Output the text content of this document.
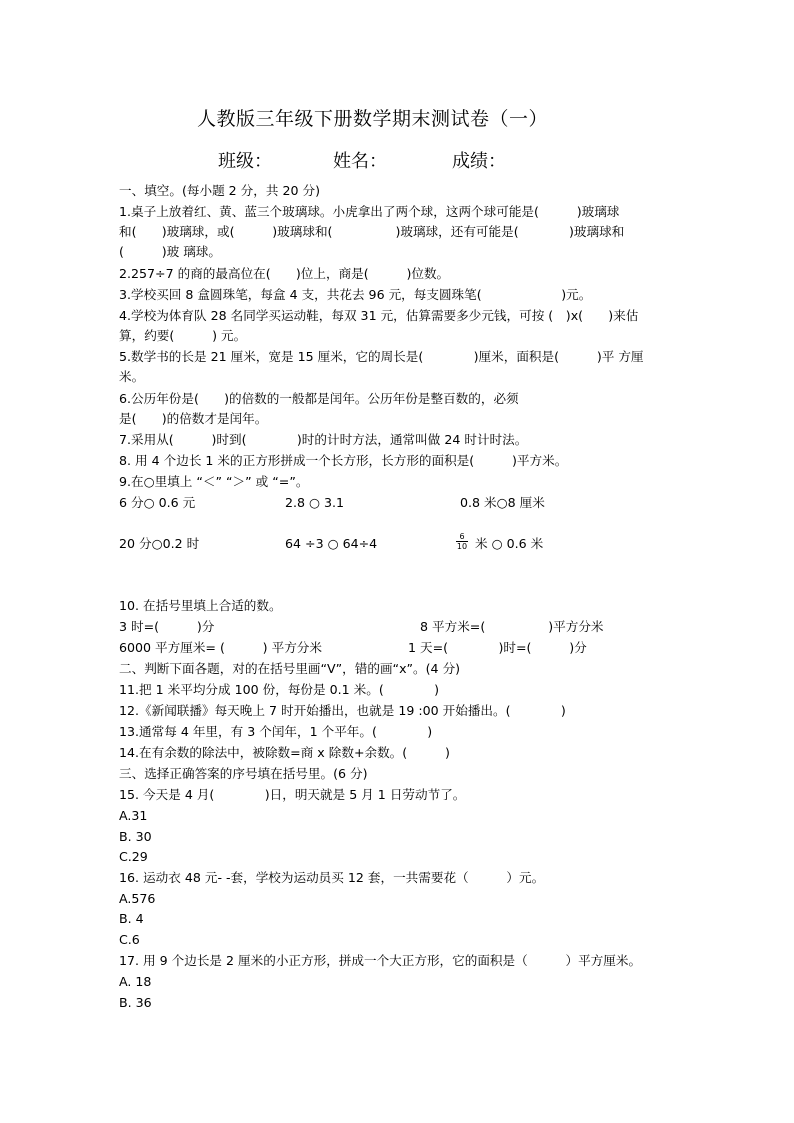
人教版三年级下册数学期末测试卷（一）
班级：	姓名：	成绩：
一、填空。(每小题 2 分，共 20 分)
1.桌子上放着红、黄、蓝三个玻璃球。小虎拿出了两个球，这两个球可能是(　　　)玻璃球
和(　　)玻璃球，或(　　　)玻璃球和(　　　　　)玻璃球，还有可能是(　　　　)玻璃球和
(　　　)玻 璃球。
2.257÷7 的商的最高位在(　　)位上，商是(　　　)位数。
3.学校买回 8 盒圆珠笔，每盒 4 支，共花去 96 元，每支圆珠笔(　　　　　　 )元。
4.学校为体育队 28 名同学买运动鞋，每双 31 元，估算需要多少元钱，可按 (　)x(　　)来估
算，约要(　　　) 元。
5.数学书的长是 21 厘米，宽是 15 厘米，它的周长是(　　　　)厘米，面积是(　　　)平 方厘
米。
6.公历年份是(　　)的倍数的一般都是闰年。公历年份是整百数的，必须
是(　　)的倍数才是闰年。
7.采用从(　　　)时到(　　　　)时的计时方法，通常叫做 24 时计时法。
8. 用 4 个边长 1 米的正方形拼成一个长方形，长方形的面积是(　　　)平方米。
9.在○里填上 “＜” “＞” 或 “=”。
10. 在括号里填上合适的数。
二、判断下面各题，对的在括号里画“V”，错的画“x”。(4 分)
11.把 1 米平均分成 100 份，每份是 0.1 米。(　　　　)
12.《新闻联播》每天晚上 7 时开始播出，也就是 19 :00 开始播出。(　　　　)
13.通常每 4 年里，有 3 个闰年，1 个平年。(　　　　)
14.在有余数的除法中，被除数=商 x 除数+余数。(　　　)
三、选择正确答案的序号填在括号里。(6 分)
15. 今天是 4 月(　　　　)日，明天就是 5 月 1 日劳动节了。
A.31
B. 30
C.29
16. 运动衣 48 元- -套，学校为运动员买 12 套，一共需要花（　　　）元。
A.576
B. 4
C.6
17. 用 9 个边长是 2 厘米的小正方形，拼成一个大正方形，它的面积是（　　　）平方厘米。
A. 18
B. 36
6 分○ 0.6 元	2.8 ○ 3.1	0.8 米○8 厘米
20 分○0.2 时	64 ÷3 ○ 64÷4	$\frac{6}{10}$ 米 ○ 0.6 米
3 时=(　　　)分	8 平方米=(　　　　　)平方分米
6000 平方厘米= (　　　) 平方分米	1 天=(　　　　)时=(　　　)分
